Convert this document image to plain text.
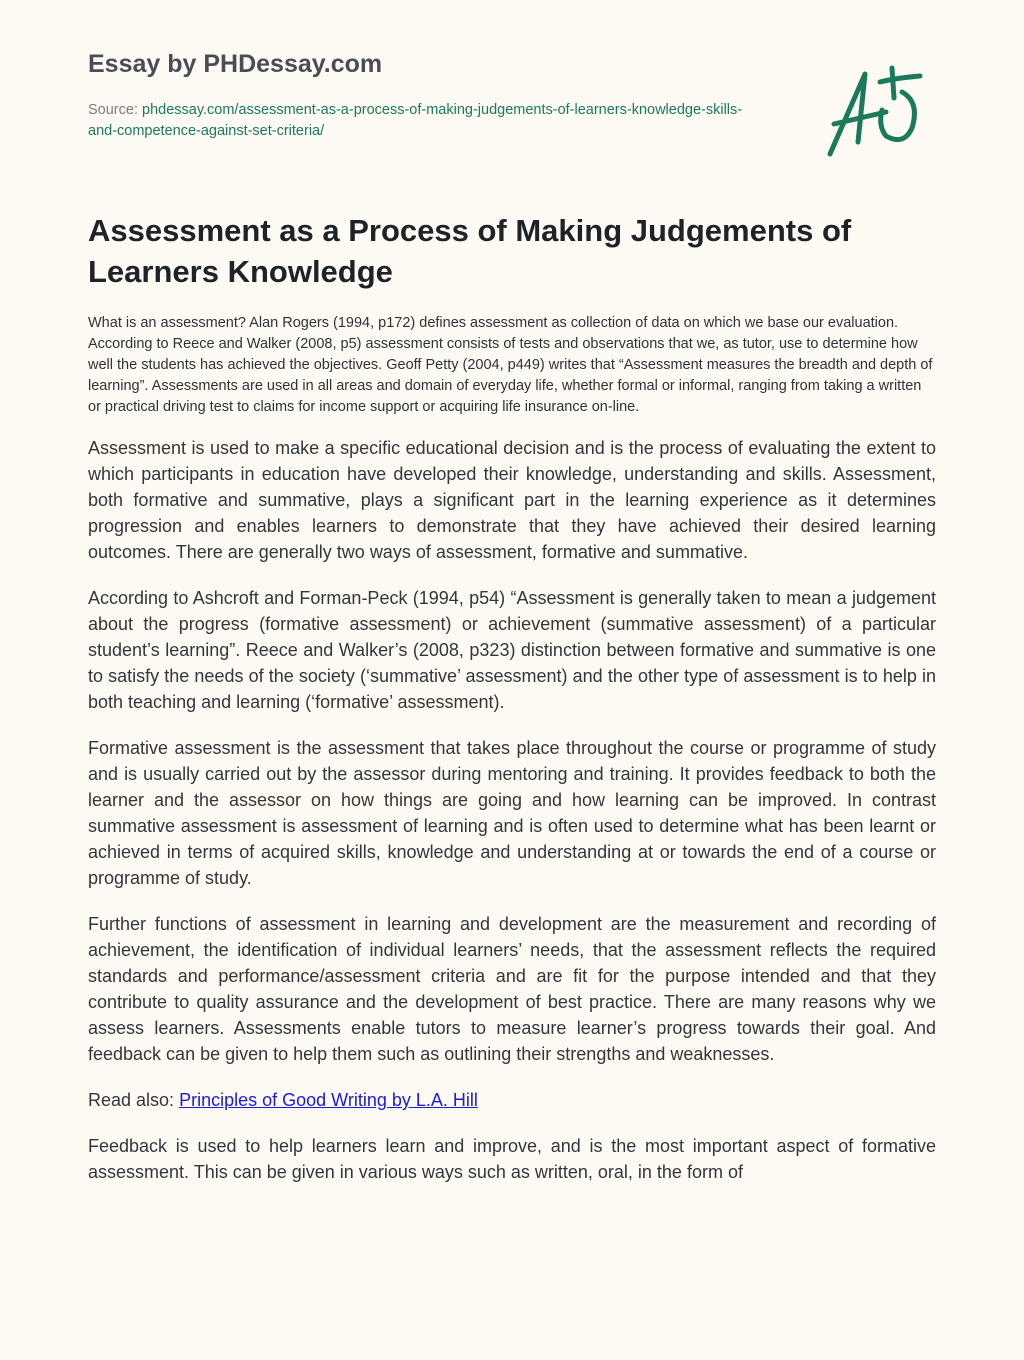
Essay by PHDessay.com
Source: phdessay.com/assessment-as-a-process-of-making-judgements-of-learners-knowledge-skills-and-competence-against-set-criteria/
Assessment as a Process of Making Judgements of Learners Knowledge

What is an assessment? Alan Rogers (1994, p172) defines assessment as collection of data on which we base our evaluation. According to Reece and Walker (2008, p5) assessment consists of tests and observations that we, as tutor, use to determine how well the students has achieved the objectives. Geoff Petty (2004, p449) writes that “Assessment measures the breadth and depth of learning”. Assessments are used in all areas and domain of everyday life, whether formal or informal, ranging from taking a written or practical driving test to claims for income support or acquiring life insurance on-line.

Assessment is used to make a specific educational decision and is the process of evaluating the extent to which participants in education have developed their knowledge, understanding and skills. Assessment, both formative and summative, plays a significant part in the learning experience as it determines progression and enables learners to demonstrate that they have achieved their desired learning outcomes. There are generally two ways of assessment, formative and summative.

According to Ashcroft and Forman-Peck (1994, p54) “Assessment is generally taken to mean a judgement about the progress (formative assessment) or achievement (summative assessment) of a particular student’s learning”. Reece and Walker’s (2008, p323) distinction between formative and summative is one to satisfy the needs of the society (‘summative’ assessment) and the other type of assessment is to help in both teaching and learning (‘formative’ assessment).

Formative assessment is the assessment that takes place throughout the course or programme of study and is usually carried out by the assessor during mentoring and training. It provides feedback to both the learner and the assessor on how things are going and how learning can be improved. In contrast summative assessment is assessment of learning and is often used to determine what has been learnt or achieved in terms of acquired skills, knowledge and understanding at or towards the end of a course or programme of study.

Further functions of assessment in learning and development are the measurement and recording of achievement, the identification of individual learners’ needs, that the assessment reflects the required standards and performance/assessment criteria and are fit for the purpose intended and that they contribute to quality assurance and the development of best practice. There are many reasons why we assess learners. Assessments enable tutors to measure learner’s progress towards their goal. And feedback can be given to help them such as outlining their strengths and weaknesses.

Read also: Principles of Good Writing by L.A. Hill

Feedback is used to help learners learn and improve, and is the most important aspect of formative assessment. This can be given in various ways such as written, oral, in the form of
